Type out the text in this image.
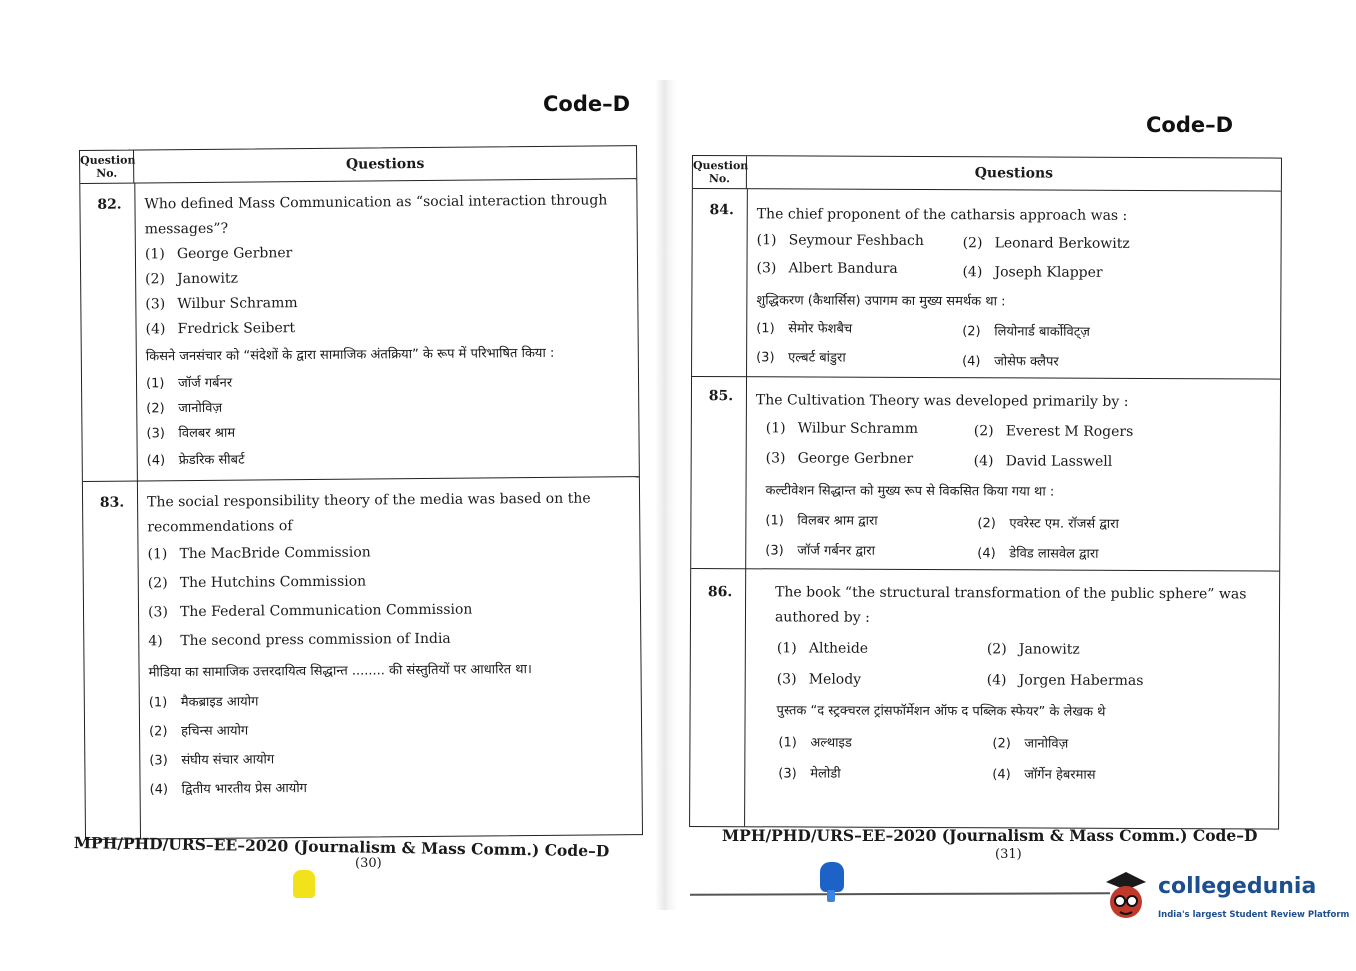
Code–D
Question
No.
Questions
82.	Who defined Mass Communication as “social interaction through messages”?
(1) George Gerbner
(2) Janowitz
(3) Wilbur Schramm
(4) Fredrick Seibert
किसने जनसंचार को “संदेशों के द्वारा सामाजिक अंतक्रिया” के रूप में परिभाषित किया :
(1) जॉर्ज गर्बनर
(2) जानोविज़
(3) विलबर श्राम
(4) फ्रेडरिक सीबर्ट
83.	The social responsibility theory of the media was based on the recommendations of
(1) The MacBride Commission
(2) The Hutchins Commission
(3) The Federal Communication Commission
4) The second press commission of India
मीडिया का सामाजिक उत्तरदायित्व सिद्धान्त ........ की संस्तुतियों पर आधारित था।
(1) मैकब्राइड आयोग
(2) हचिन्स आयोग
(3) संघीय संचार आयोग
(4) द्वितीय भारतीय प्रेस आयोग
MPH/PHD/URS–EE–2020 (Journalism & Mass Comm.) Code–D
(30)
Code–D
Question
No.	Questions
84.	The chief proponent of the catharsis approach was :
(1) Seymour Feshbach	(2) Leonard Berkowitz
(3) Albert Bandura	(4) Joseph Klapper
शुद्धिकरण (कैथार्सिस) उपागम का मुख्य समर्थक था :
(1) सेमोर फेशबैच	(2) लियोनार्ड बार्कोविट्ज़
(3) एल्बर्ट बांडुरा	(4) जोसेफ क्लैपर
85.	The Cultivation Theory was developed primarily by :
(1) Wilbur Schramm	(2) Everest M Rogers
(3) George Gerbner	(4) David Lasswell
कल्टीवेशन सिद्धान्त को मुख्य रूप से विकसित किया गया था :
(1) विलबर श्राम द्वारा	(2) एवरेस्ट एम. रॉजर्स द्वारा
(3) जॉर्ज गर्बनर द्वारा	(4) डेविड लासवेल द्वारा
86.	The book “the structural transformation of the public sphere” was authored by :
(1) Altheide	(2) Janowitz
(3) Melody	(4) Jorgen Habermas
पुस्तक “द स्ट्रक्चरल ट्रांसफॉर्मेशन ऑफ द पब्लिक स्फेयर” के लेखक थे
(1) अल्थाइड	(2) जानोविज़
(3) मेलोडी	(4) जॉर्गेन हेबरमास
MPH/PHD/URS–EE–2020 (Journalism & Mass Comm.) Code–D
(31)
collegedunia
India's largest Student Review Platform
